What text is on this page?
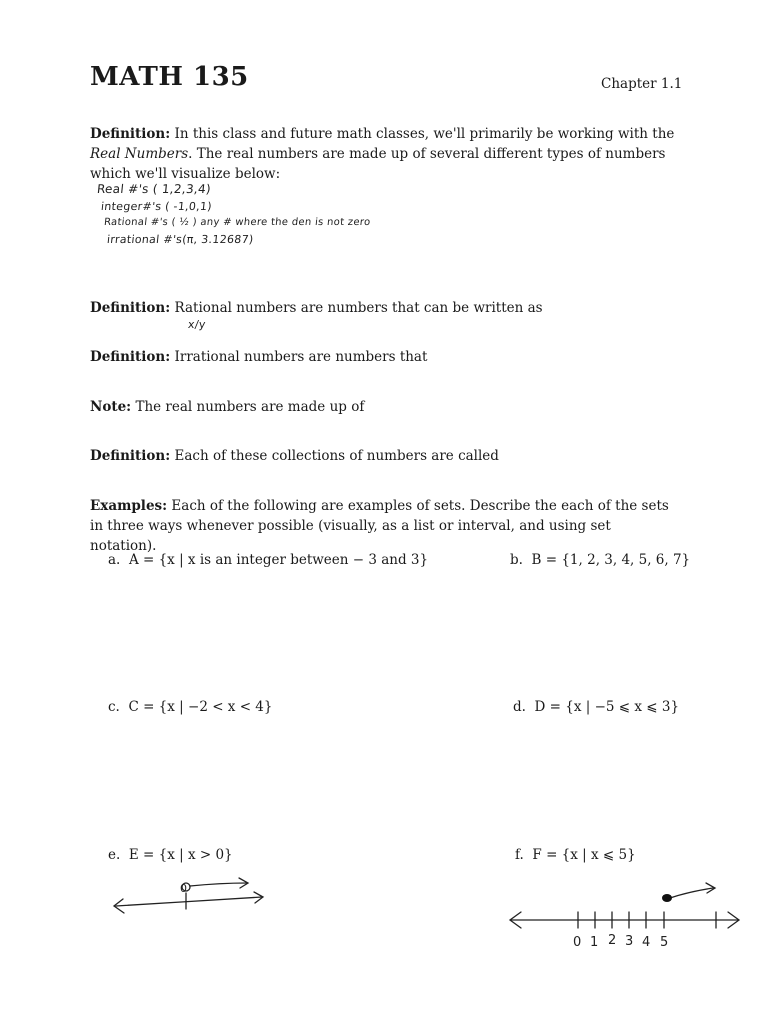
MATH 135	Chapter 1.1
Definition: In this class and future math classes, we'll primarily be working with the Real Numbers. The real numbers are made up of several different types of numbers which we'll visualize below:
Real #'s ( 1,2,3,4)
integer#'s ( -1,0,1)
Rational #'s ( ½ ) any # where the den is not zero
irrational #'s(π, 3.12687)
Definition: Rational numbers are numbers that can be written as
x/y
Definition: Irrational numbers are numbers that
Note: The real numbers are made up of
Definition: Each of these collections of numbers are called
Examples: Each of the following are examples of sets. Describe the each of the sets in three ways whenever possible (visually, as a list or interval, and using set notation).
a. A = {x | x is an integer between − 3 and 3}	b. B = {1, 2, 3, 4, 5, 6, 7}
c. C = {x | −2 < x < 4}	d. D = {x | −5 ⩽ x ⩽ 3}
e. E = {x | x > 0}	f. F = {x | x ⩽ 5}
0
0 1 2 3 4 5
